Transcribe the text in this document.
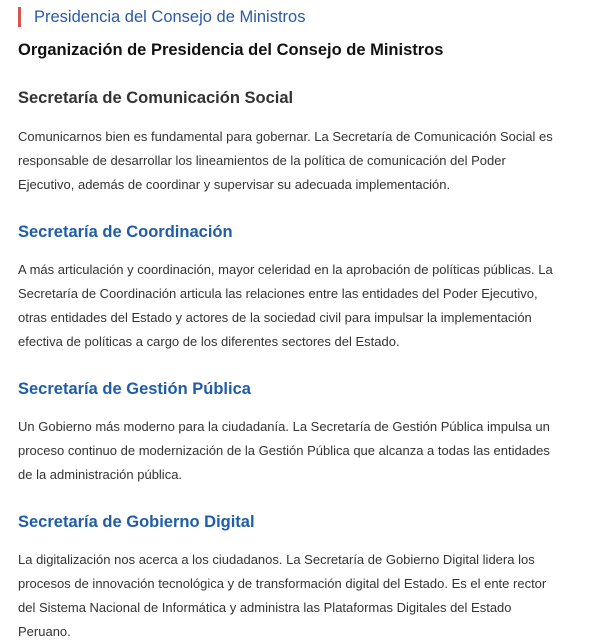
Presidencia del Consejo de Ministros
Organización de Presidencia del Consejo de Ministros
Secretaría de Comunicación Social

Comunicarnos bien es fundamental para gobernar. La Secretaría de Comunicación Social es responsable de desarrollar los lineamientos de la política de comunicación del Poder Ejecutivo, además de coordinar y supervisar su adecuada implementación.

Secretaría de Coordinación

A más articulación y coordinación, mayor celeridad en la aprobación de políticas públicas. La Secretaría de Coordinación articula las relaciones entre las entidades del Poder Ejecutivo, otras entidades del Estado y actores de la sociedad civil para impulsar la implementación efectiva de políticas a cargo de los diferentes sectores del Estado.

Secretaría de Gestión Pública

Un Gobierno más moderno para la ciudadanía. La Secretaría de Gestión Pública impulsa un proceso continuo de modernización de la Gestión Pública que alcanza a todas las entidades de la administración pública.

Secretaría de Gobierno Digital

La digitalización nos acerca a los ciudadanos. La Secretaría de Gobierno Digital lidera los procesos de innovación tecnológica y de transformación digital del Estado. Es el ente rector del Sistema Nacional de Informática y administra las Plataformas Digitales del Estado Peruano.
